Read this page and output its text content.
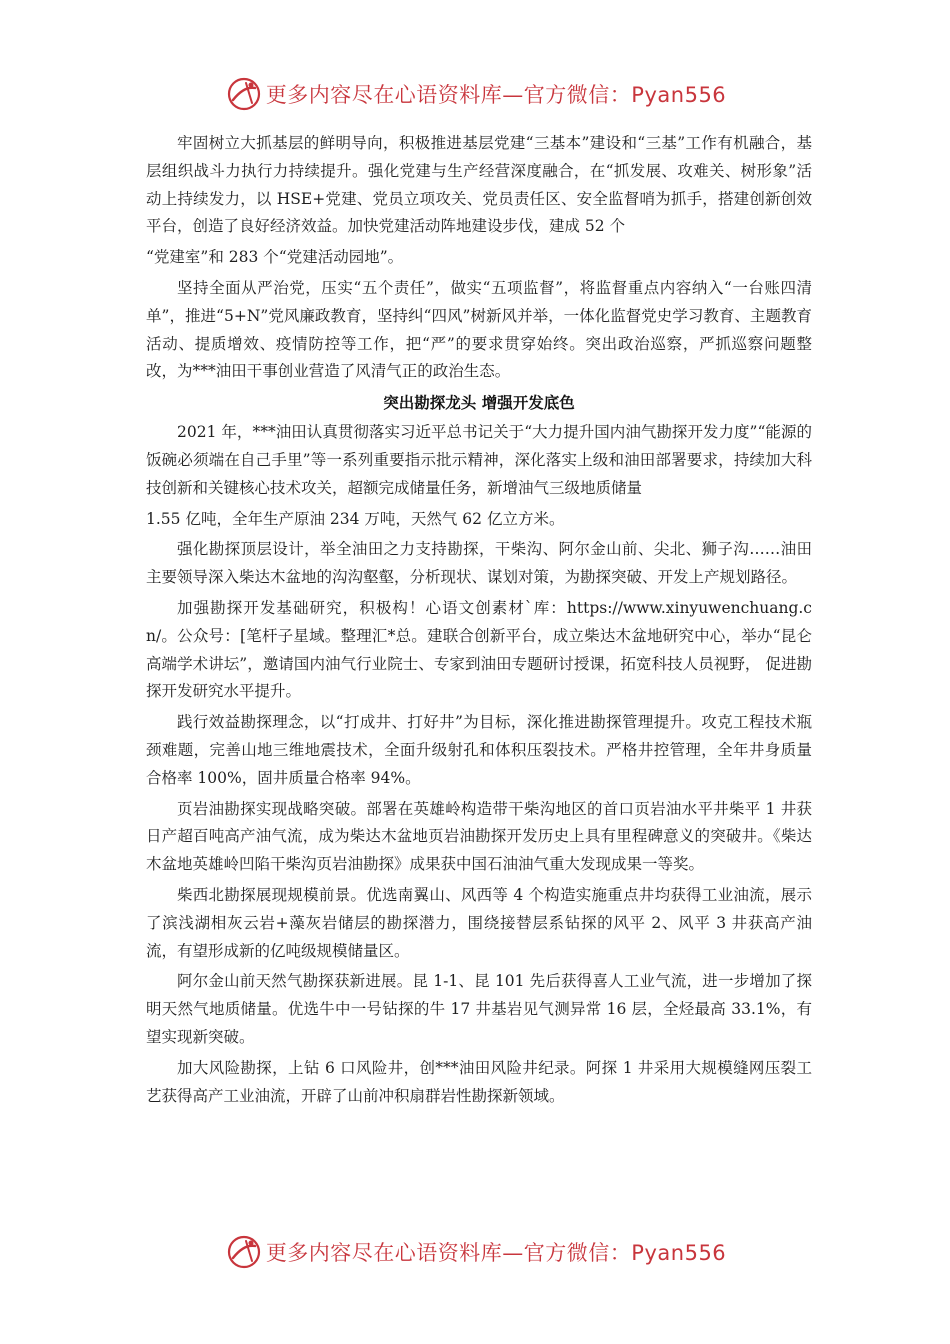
更多内容尽在心语资料库—官方微信：Pyan556

牢固树立大抓基层的鲜明导向，积极推进基层党建“三基本”建设和“三基”工作有机融合，基层组织战斗力执行力持续提升。强化党建与生产经营深度融合，在“抓发展、攻难关、树形象”活动上持续发力，以 HSE+党建、党员立项攻关、党员责任区、安全监督哨为抓手，搭建创新创效平台，创造了良好经济效益。加快党建活动阵地建设步伐，建成 52 个

“党建室”和 283 个“党建活动园地”。

坚持全面从严治党，压实“五个责任”，做实“五项监督”，将监督重点内容纳入“一台账四清单”，推进“5+N”党风廉政教育，坚持纠“四风”树新风并举，一体化监督党史学习教育、主题教育活动、提质增效、疫情防控等工作，把“严”的要求贯穿始终。突出政治巡察，严抓巡察问题整改，为***油田干事创业营造了风清气正的政治生态。

突出勘探龙头 增强开发底色

2021 年，***油田认真贯彻落实习近平总书记关于“大力提升国内油气勘探开发力度”“能源的饭碗必须端在自己手里”等一系列重要指示批示精神，深化落实上级和油田部署要求，持续加大科技创新和关键核心技术攻关，超额完成储量任务，新增油气三级地质储量

1.55 亿吨，全年生产原油 234 万吨，天然气 62 亿立方米。

强化勘探顶层设计，举全油田之力支持勘探，干柴沟、阿尔金山前、尖北、狮子沟……油田主要领导深入柴达木盆地的沟沟壑壑，分析现状、谋划对策，为勘探突破、开发上产规划路径。

加强勘探开发基础研究，积极构！心语文创素材`库：https://www.xinyuwenchuang.cn/。公众号：[笔杆子星域。整理汇*总。建联合创新平台，成立柴达木盆地研究中心，举办“昆仑高端学术讲坛”，邀请国内油气行业院士、专家到油田专题研讨授课，拓宽科技人员视野， 促进勘探开发研究水平提升。

践行效益勘探理念，以“打成井、打好井”为目标，深化推进勘探管理提升。攻克工程技术瓶颈难题，完善山地三维地震技术，全面升级射孔和体积压裂技术。严格井控管理，全年井身质量合格率 100%，固井质量合格率 94%。

页岩油勘探实现战略突破。部署在英雄岭构造带干柴沟地区的首口页岩油水平井柴平 1 井获日产超百吨高产油气流，成为柴达木盆地页岩油勘探开发历史上具有里程碑意义的突破井。《柴达木盆地英雄岭凹陷干柴沟页岩油勘探》成果获中国石油油气重大发现成果一等奖。

柴西北勘探展现规模前景。优选南翼山、风西等 4 个构造实施重点井均获得工业油流，展示了滨浅湖相灰云岩+藻灰岩储层的勘探潜力，围绕接替层系钻探的风平 2、风平 3 井获高产油流，有望形成新的亿吨级规模储量区。

阿尔金山前天然气勘探获新进展。昆 1-1、昆 101 先后获得喜人工业气流，进一步增加了探明天然气地质储量。优选牛中一号钻探的牛 17 井基岩见气测异常 16 层，全烃最高 33.1%，有望实现新突破。

加大风险勘探，上钻 6 口风险井，创***油田风险井纪录。阿探 1 井采用大规模缝网压裂工艺获得高产工业油流，开辟了山前冲积扇群岩性勘探新领域。

更多内容尽在心语资料库—官方微信：Pyan556
